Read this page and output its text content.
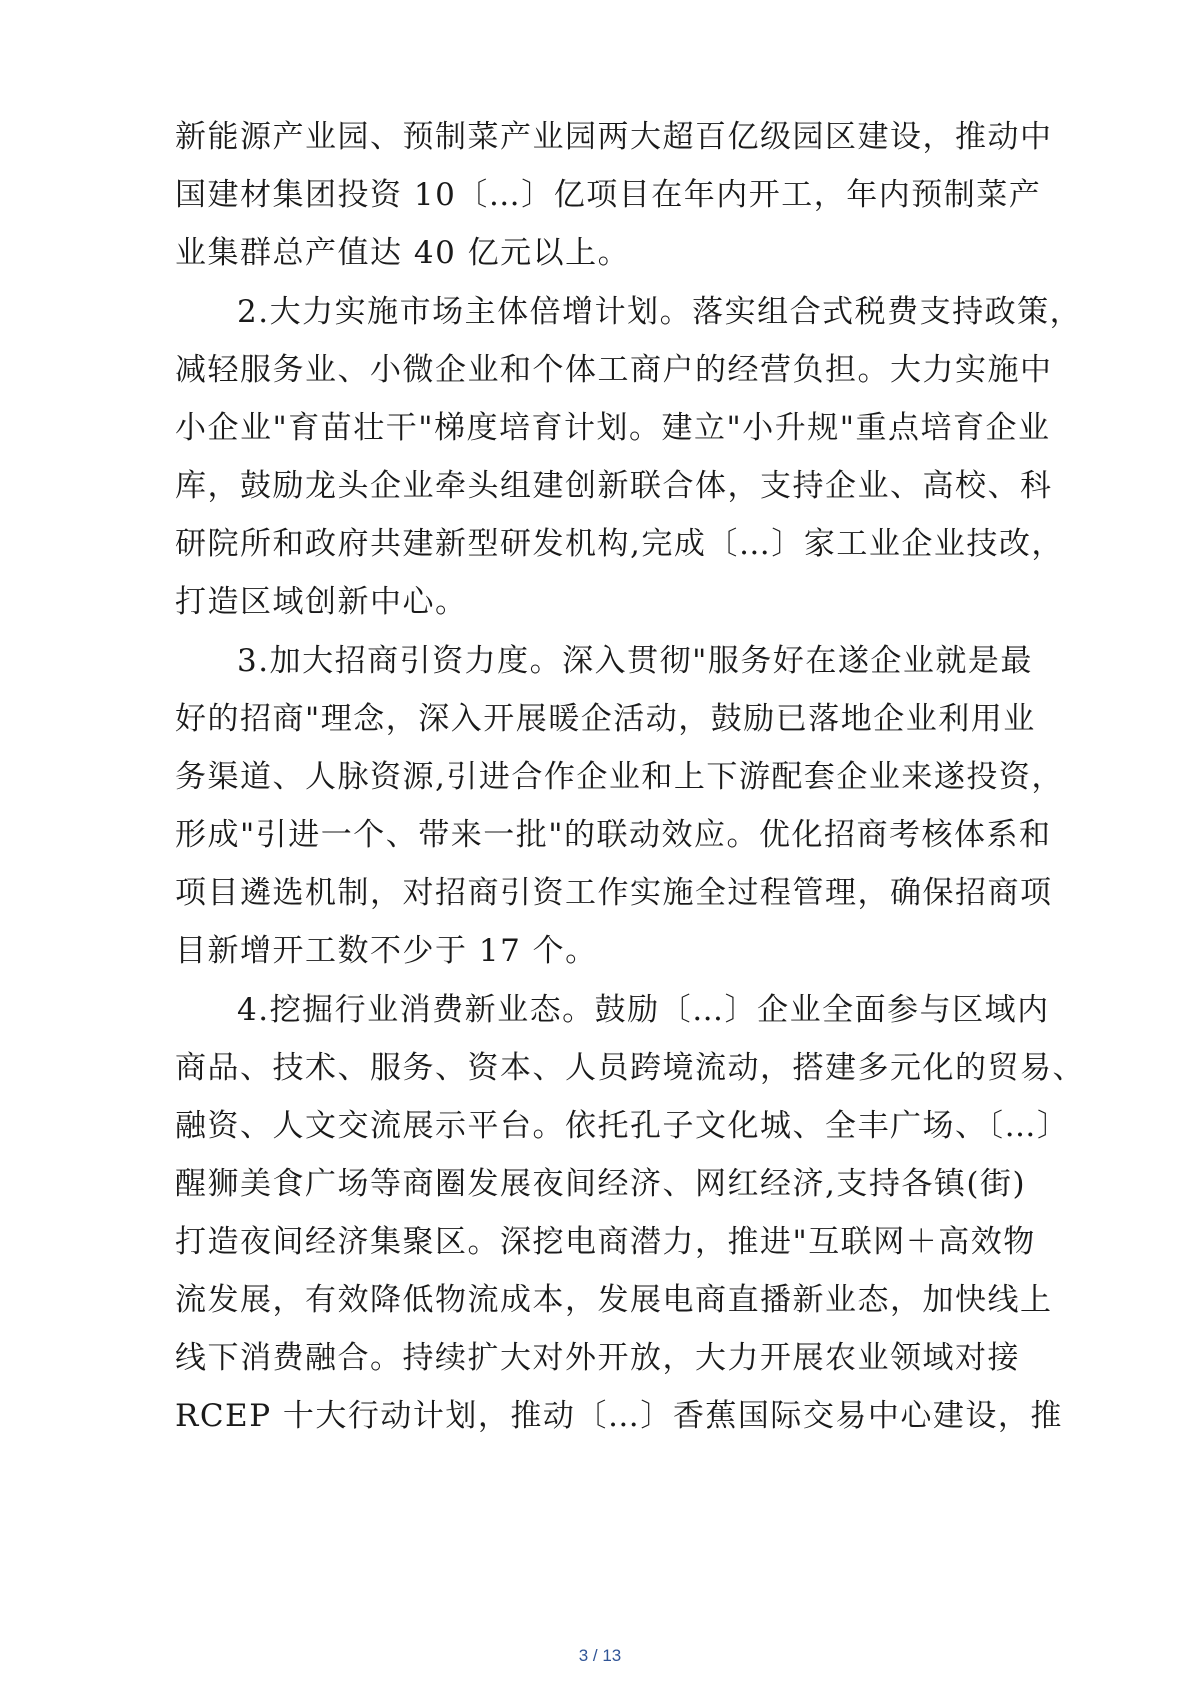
新能源产业园、预制菜产业园两大超百亿级园区建设，推动中

国建材集团投资 10〔…〕亿项目在年内开工，年内预制菜产

业集群总产值达 40 亿元以上。

2.大力实施市场主体倍增计划。落实组合式税费支持政策，

减轻服务业、小微企业和个体工商户的经营负担。大力实施中

小企业"育苗壮干"梯度培育计划。建立"小升规"重点培育企业

库，鼓励龙头企业牵头组建创新联合体，支持企业、高校、科

研院所和政府共建新型研发机构,完成〔…〕家工业企业技改，

打造区域创新中心。

3.加大招商引资力度。深入贯彻"服务好在遂企业就是最

好的招商"理念，深入开展暖企活动，鼓励已落地企业利用业

务渠道、人脉资源,引进合作企业和上下游配套企业来遂投资，

形成"引进一个、带来一批"的联动效应。优化招商考核体系和

项目遴选机制，对招商引资工作实施全过程管理，确保招商项

目新增开工数不少于 17 个。

4.挖掘行业消费新业态。鼓励〔…〕企业全面参与区域内

商品、技术、服务、资本、人员跨境流动，搭建多元化的贸易、

融资、人文交流展示平台。依托孔子文化城、全丰广场、〔…〕

醒狮美食广场等商圈发展夜间经济、网红经济,支持各镇(街)

打造夜间经济集聚区。深挖电商潜力，推进"互联网＋高效物

流发展，有效降低物流成本，发展电商直播新业态，加快线上

线下消费融合。持续扩大对外开放，大力开展农业领域对接

RCEP 十大行动计划，推动〔…〕香蕉国际交易中心建设，推

3 / 13
